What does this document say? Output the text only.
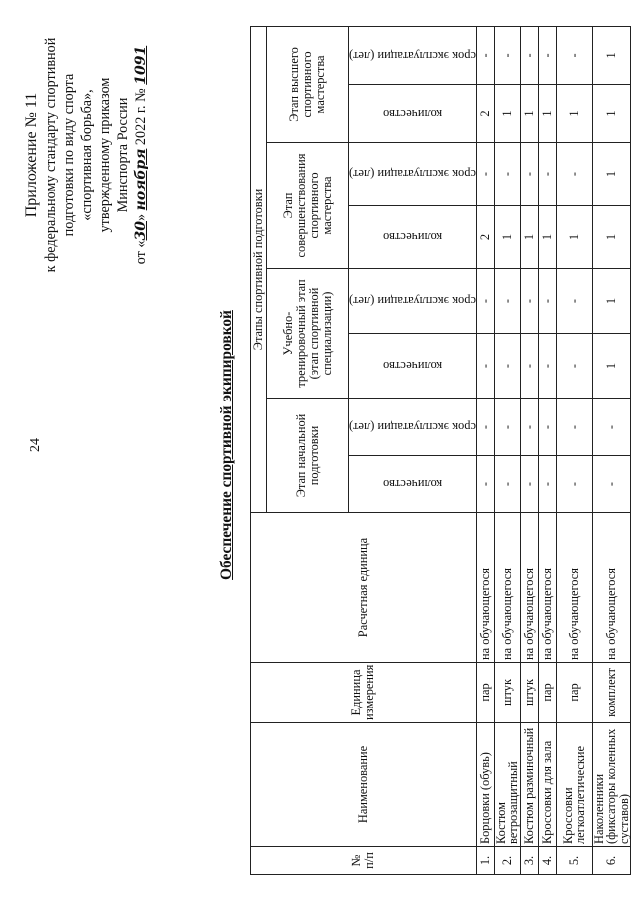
24
Приложение № 11 к федеральному стандарту спортивной подготовки по виду спорта «спортивная борьба», утвержденному приказом Минспорта России
от «30» ноября 2022 г. № 1091
Обеспечение спортивной экипировкой
№ п/п	Наименование	Единица измерения	Расчетная единица	Этапы спортивной подготовки							
				Этап начальной подготовки		Учебно-тренировочный этап (этап спортивной специализации)		Этап совершенствования спортивного мастерства		Этап высшего спортивного мастерства	

				количество	срок эксплуатации (лет)	количество	срок эксплуатации (лет)	количество	срок эксплуатации (лет)	количество	срок эксплуатации (лет)

1.	Борцовки (обувь)	пар	на обучающегося	-	-	-	-	2	-	2	-
2.	Костюм ветрозащитный	штук	на обучающегося	-	-	-	-	1	-	1	-
3.	Костюм разминочный	штук	на обучающегося	-	-	-	-	1	-	1	-
4.	Кроссовки для зала	пар	на обучающегося	-	-	-	-	1	-	1	-
5.	Кроссовки легкоатлетические	пар	на обучающегося	-	-	-	-	1	-	1	-
6.	Наколенники (фиксаторы коленных суставов)	комплект	на обучающегося	-	-	1	1	1	1	1	1
